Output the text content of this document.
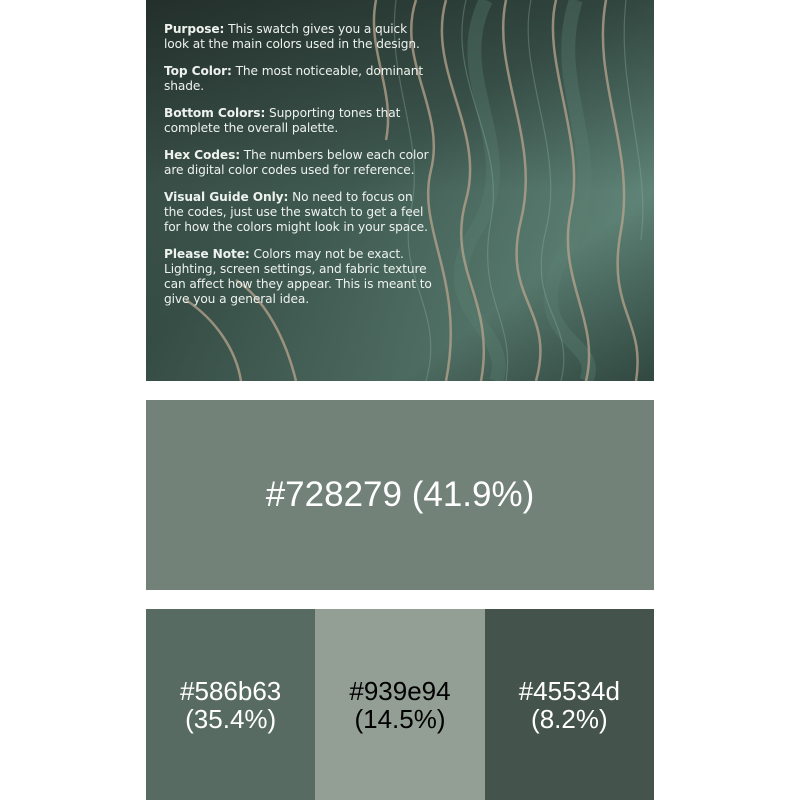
Purpose: This swatch gives you a quick look at the main colors used in the design.

Top Color: The most noticeable, dominant shade.

Bottom Colors: Supporting tones that complete the overall palette.

Hex Codes: The numbers below each color are digital color codes used for reference.

Visual Guide Only: No need to focus on the codes, just use the swatch to get a feel for how the colors might look in your space.

Please Note: Colors may not be exact. Lighting, screen settings, and fabric texture can affect how they appear. This is meant to give you a general idea.

#728279 (41.9%)
#586b63
(35.4%)
#939e94
(14.5%)
#45534d
(8.2%)
